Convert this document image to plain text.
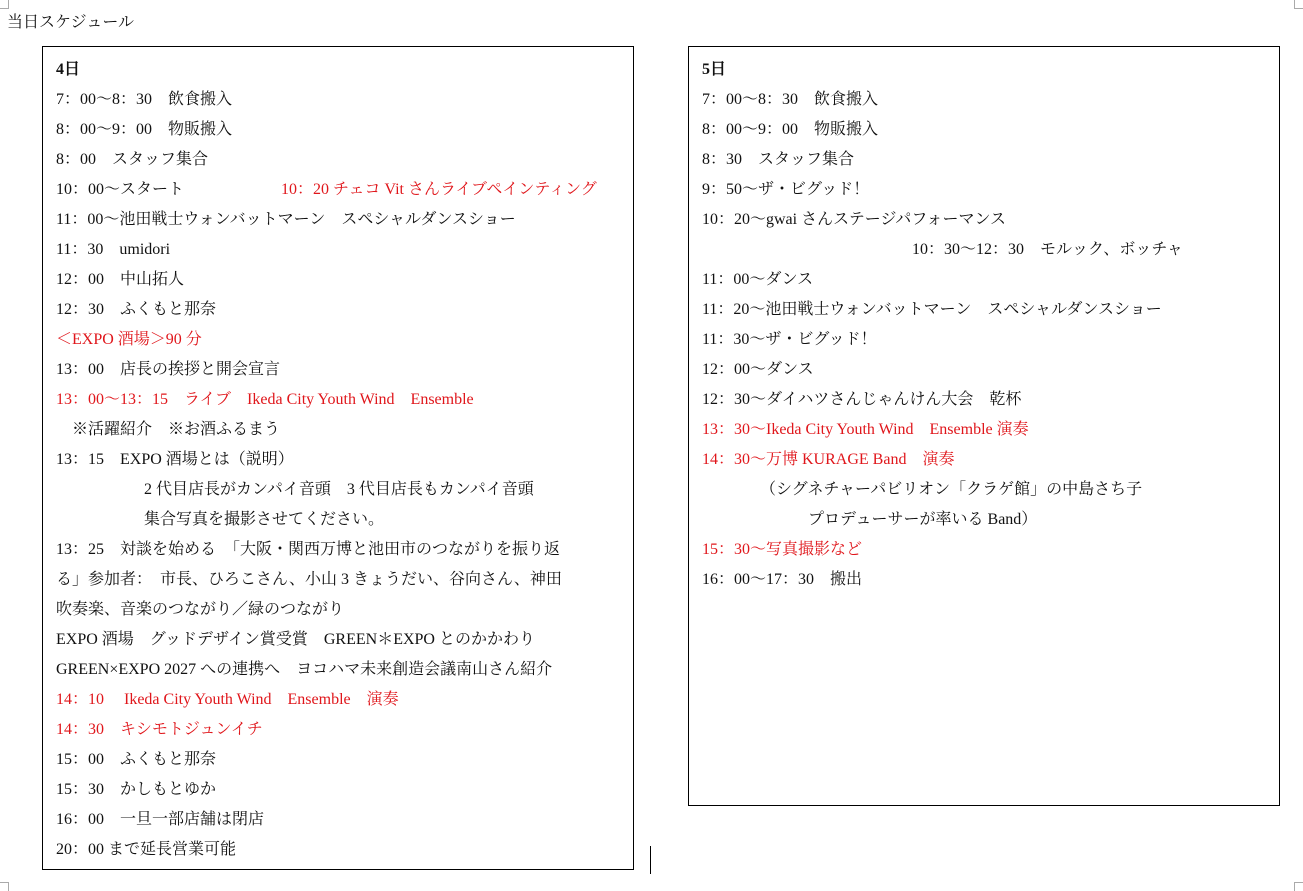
当日スケジュール
4日
7：00〜8：30　飲食搬入
8：00〜9：00　物販搬入
8：00　スタッフ集合
10：00〜スタート	10：20 チェコ Vit さんライブペインティング
11：00〜池田戦士ウォンバットマーン　スペシャルダンスショー
11：30　umidori
12：00　中山拓人
12：30　ふくもと那奈
＜EXPO 酒場＞90 分
13：00　店長の挨拶と開会宣言
13：00〜13：15　ライブ　Ikeda City Youth Wind　Ensemble
※活躍紹介　※お酒ふるまう
13：15　EXPO 酒場とは（説明）
2 代目店長がカンパイ音頭　3 代目店長もカンパイ音頭
集合写真を撮影させてください。
13：25　対談を始める　「大阪・関西万博と池田市のつながりを振り返
る」参加者：　市長、ひろこさん、小山 3 きょうだい、谷向さん、神田
吹奏楽、音楽のつながり／緑のつながり
EXPO 酒場　グッドデザイン賞受賞　GREEN＊EXPO とのかかわり
GREEN×EXPO 2027 への連携へ　ヨコハマ未来創造会議南山さん紹介
14：10　 Ikeda City Youth Wind　Ensemble　演奏
14：30　キシモトジュンイチ
15：00　ふくもと那奈
15：30　かしもとゆか
16：00　一旦一部店舗は閉店
20：00 まで延長営業可能
5日
7：00〜8：30　飲食搬入
8：00〜9：00　物販搬入
8：30　スタッフ集合
9：50〜ザ・ビグッド！
10：20〜gwai さんステージパフォーマンス
10：30〜12：30　モルック、ボッチャ
11：00〜ダンス
11：20〜池田戦士ウォンバットマーン　スペシャルダンスショー
11：30〜ザ・ビグッド！
12：00〜ダンス
12：30〜ダイハツさんじゃんけん大会　乾杯
13：30〜Ikeda City Youth Wind　Ensemble 演奏
14：30〜万博 KURAGE Band　演奏
（シグネチャーパビリオン「クラゲ館」の中島さち子
プロデューサーが率いる Band）
15：30〜写真撮影など
16：00〜17：30　搬出
